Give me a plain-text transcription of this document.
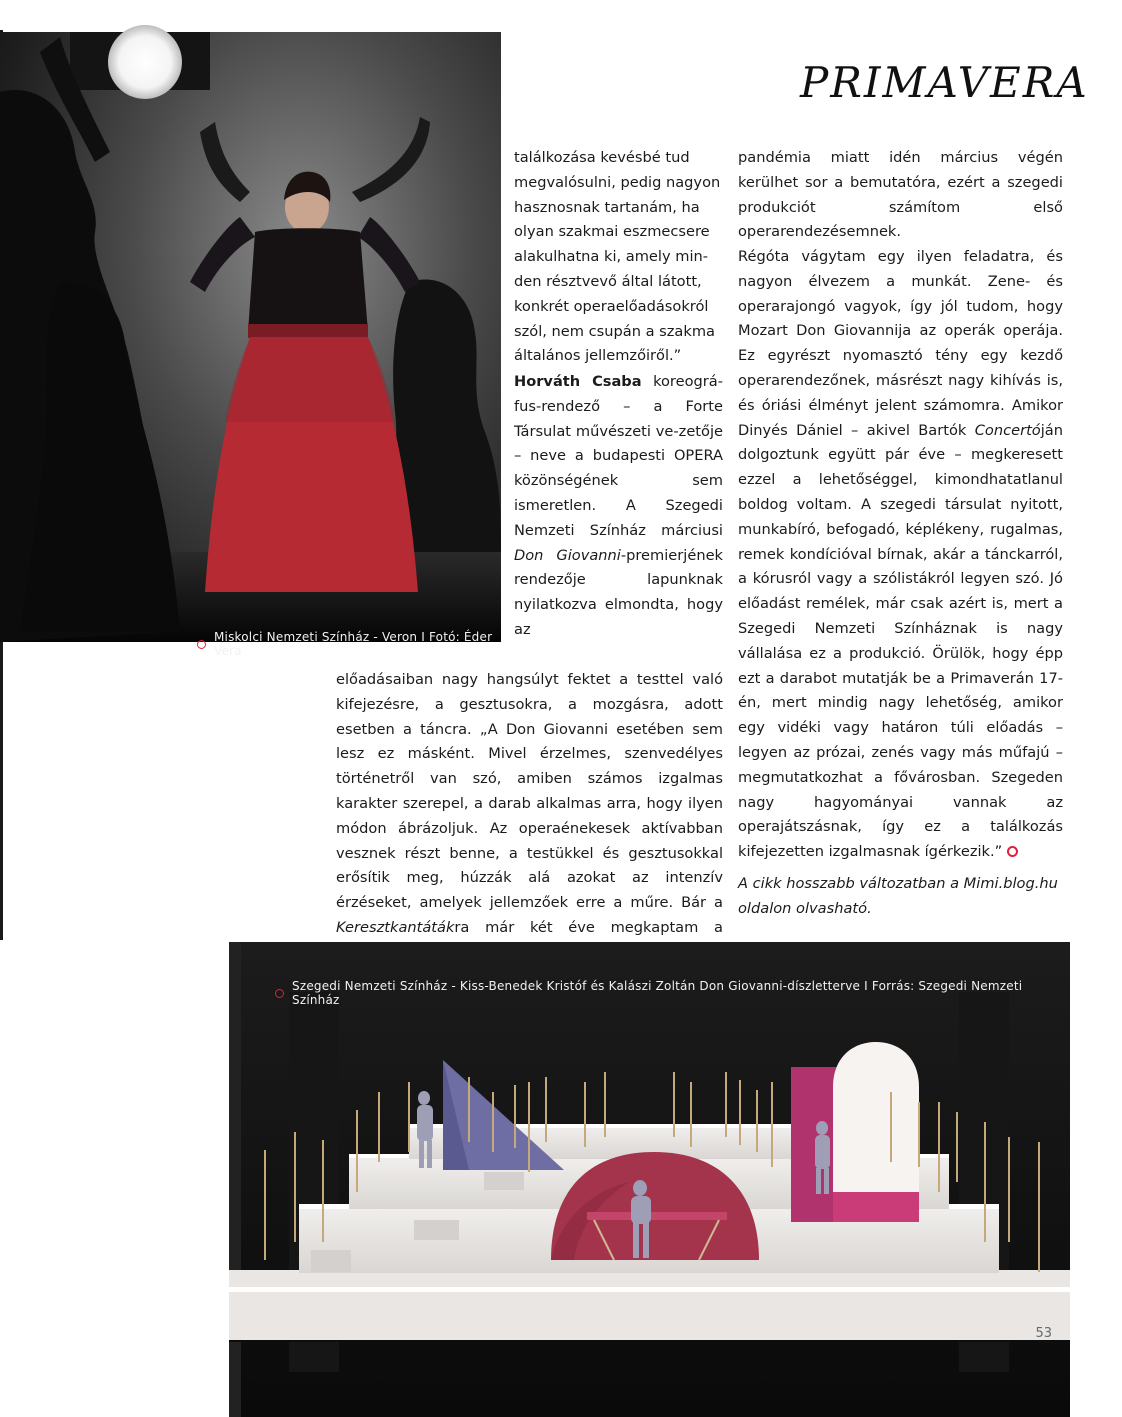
Miskolci Nemzeti Színház - Veron I Fotó: Éder Vera
PRIMAVERA
találkozása kevésbé tud
megvalósulni, pedig nagyon
hasznosnak tartanám, ha
olyan szakmai eszmecsere
alakulhatna ki, amely min-
den résztvevő által látott,
konkrét operaelőadásokról
szól, nem csupán a szakma
általános jellemzőiről.”

Horváth Csaba koreográ-fus-rendező – a Forte Társulat művészeti ve-zetője – neve a budapesti OPERA közönségének sem ismeretlen. A Szegedi Nemzeti Színház márciusi Don Giovanni-premierjének rendezője lapunknak nyilatkozva elmondta, hogy az

előadásaiban nagy hangsúlyt fektet a testtel való kifejezésre, a gesztusokra, a mozgásra, adott esetben a táncra. „A Don Giovanni esetében sem lesz ez másként. Mivel érzelmes, szenvedélyes történetről van szó, amiben számos izgalmas karakter szerepel, a darab alkalmas arra, hogy ilyen módon ábrázoljuk. Az operaénekesek aktívabban vesznek részt benne, a testükkel és gesztusokkal erősítik meg, húzzák alá azokat az intenzív érzéseket, amelyek jellemzőek erre a műre. Bár a Keresztkantátákra már két éve megkaptam a

pandémia miatt idén március végén kerülhet sor a bemutatóra, ezért a szegedi produkciót számítom első operarendezésemnek.

Régóta vágytam egy ilyen feladatra, és nagyon élvezem a munkát. Zene- és operarajongó vagyok, így jól tudom, hogy Mozart Don Giovannija az operák operája. Ez egyrészt nyomasztó tény egy kezdő operarendezőnek, másrészt nagy kihívás is, és óriási élményt jelent számomra. Amikor Dinyés Dániel – akivel Bartók Concertóján dolgoztunk együtt pár éve – megkeresett ezzel a lehetőséggel, kimondhatatlanul boldog voltam. A szegedi társulat nyitott, munkabíró, befogadó, képlékeny, rugalmas, remek kondícióval bírnak, akár a tánckarról, a kórusról vagy a szólistákról legyen szó. Jó előadást remélek, már csak azért is, mert a Szegedi Nemzeti Színháznak is nagy vállalása ez a produkció. Örülök, hogy épp ezt a darabot mutatják be a Primaverán 17-én, mert mindig nagy lehetőség, amikor egy vidéki vagy határon túli előadás – legyen az prózai, zenés vagy más műfajú – megmutatkozhat a fővárosban. Szegeden nagy hagyományai vannak az operajátszásnak, így ez a találkozás kifejezetten izgalmasnak ígérkezik.”

A cikk hosszabb változatban a Mimi.blog.hu oldalon olvasható.

Szegedi Nemzeti Színház - Kiss-Benedek Kristóf és Kalászi Zoltán Don Giovanni-díszletterve I Forrás: Szegedi Nemzeti Színház
53
